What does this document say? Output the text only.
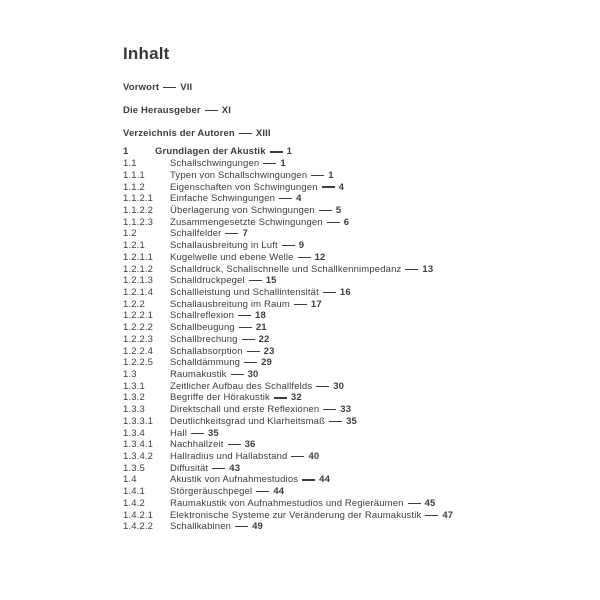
Inhalt
Vorwort VII
Die Herausgeber XI
Verzeichnis der Autoren XIII
1	Grundlagen der Akustik 1
1.1	Schallschwingungen 1
1.1.1	Typen von Schallschwingungen 1
1.1.2	Eigenschaften von Schwingungen 4
1.1.2.1	Einfache Schwingungen 4
1.1.2.2	Überlagerung von Schwingungen 5
1.1.2.3	Zusammengesetzte Schwingungen 6
1.2	Schallfelder 7
1.2.1	Schallausbreitung in Luft 9
1.2.1.1	Kugelwelle und ebene Welle 12
1.2.1.2	Schalldruck, Schallschnelle und Schallkennimpedanz 13
1.2.1.3	Schalldruckpegel 15
1.2.1.4	Schallleistung und Schallintensität 16
1.2.2	Schallausbreitung im Raum 17
1.2.2.1	Schallreflexion 18
1.2.2.2	Schallbeugung 21
1.2.2.3	Schallbrechung 22
1.2.2.4	Schallabsorption 23
1.2.2.5	Schalldämmung 29
1.3	Raumakustik 30
1.3.1	Zeitlicher Aufbau des Schallfelds 30
1.3.2	Begriffe der Hörakustik 32
1.3.3	Direktschall und erste Reflexionen 33
1.3.3.1	Deutlichkeitsgrad und Klarheitsmaß 35
1.3.4	Hall 35
1.3.4.1	Nachhallzeit 36
1.3.4.2	Hallradius und Hallabstand 40
1.3.5	Diffusität 43
1.4	Akustik von Aufnahmestudios 44
1.4.1	Störgeräuschpegel 44
1.4.2	Raumakustik von Aufnahmestudios und Regieräumen 45
1.4.2.1	Elektronische Systeme zur Veränderung der Raumakustik 47
1.4.2.2	Schallkabinen 49
